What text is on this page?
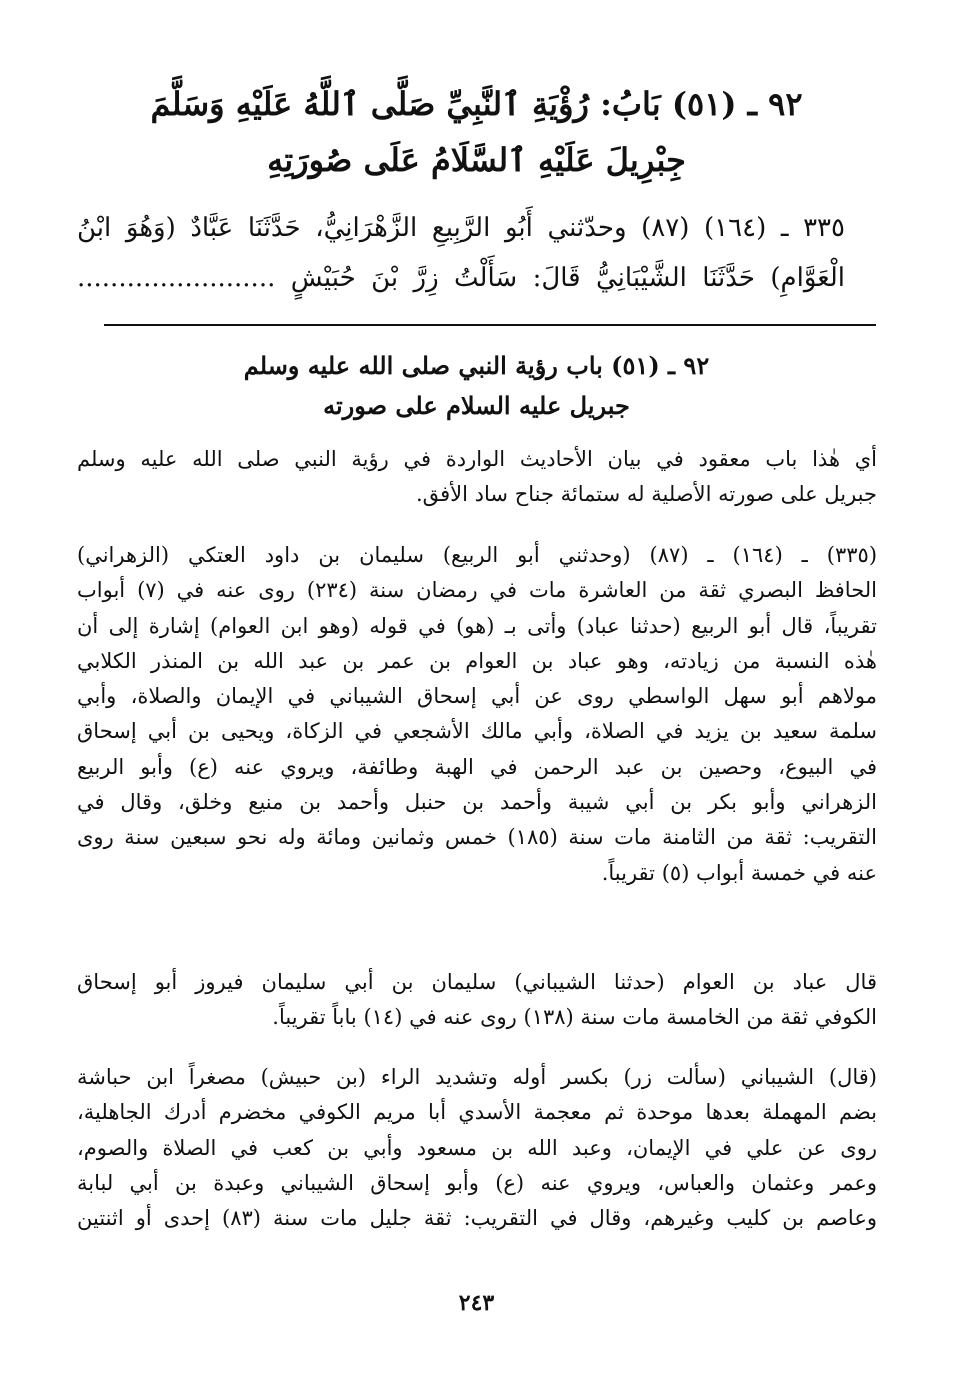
٩٢ ـ (٥١) بَابُ: رُؤْيَةِ ٱلنَّبِيِّ صَلَّى ٱللَّهُ عَلَيْهِ وَسَلَّمَ
جِبْرِيلَ عَلَيْهِ ٱلسَّلَامُ عَلَى صُورَتِهِ
٣٣٥ ـ (١٦٤) (٨٧) وحدّثني أَبُو الرَّبِيعِ الزَّهْرَانِيُّ، حَدَّثَنَا عَبَّادٌ (وَهُوَ ابْنُ
الْعَوَّامِ) حَدَّثَنَا الشَّيْبَانِيُّ قَالَ: سَأَلْتُ زِرَّ بْنَ حُبَيْشٍ ........................
٩٢ ـ (٥١) باب رؤية النبي صلى الله عليه وسلم
جبريل عليه السلام على صورته
أي هٰذا باب معقود في بيان الأحاديث الواردة في رؤية النبي صلى الله عليه وسلم
جبريل على صورته الأصلية له ستمائة جناح ساد الأفق.
(٣٣٥) ـ (١٦٤) ـ (٨٧) (وحدثني أبو الربيع) سليمان بن داود العتكي (الزهراني)
الحافظ البصري ثقة من العاشرة مات في رمضان سنة (٢٣٤) روى عنه في (٧) أبواب
تقريباً، قال أبو الربيع (حدثنا عباد) وأتى بـ (هو) في قوله (وهو ابن العوام) إشارة إلى أن
هٰذه النسبة من زيادته، وهو عباد بن العوام بن عمر بن عبد الله بن المنذر الكلابي
مولاهم أبو سهل الواسطي روى عن أبي إسحاق الشيباني في الإيمان والصلاة، وأبي
سلمة سعيد بن يزيد في الصلاة، وأبي مالك الأشجعي في الزكاة، ويحيى بن أبي إسحاق
في البيوع، وحصين بن عبد الرحمن في الهبة وطائفة، ويروي عنه (ع) وأبو الربيع
الزهراني وأبو بكر بن أبي شيبة وأحمد بن حنبل وأحمد بن منيع وخلق، وقال في
التقريب: ثقة من الثامنة مات سنة (١٨٥) خمس وثمانين ومائة وله نحو سبعين سنة روى
عنه في خمسة أبواب (٥) تقريباً.
قال عباد بن العوام (حدثنا الشيباني) سليمان بن أبي سليمان فيروز أبو إسحاق
الكوفي ثقة من الخامسة مات سنة (١٣٨) روى عنه في (١٤) باباً تقريباً.
(قال) الشيباني (سألت زر) بكسر أوله وتشديد الراء (بن حبيش) مصغراً ابن حباشة
بضم المهملة بعدها موحدة ثم معجمة الأسدي أبا مريم الكوفي مخضرم أدرك الجاهلية،
روى عن علي في الإيمان، وعبد الله بن مسعود وأبي بن كعب في الصلاة والصوم،
وعمر وعثمان والعباس، ويروي عنه (ع) وأبو إسحاق الشيباني وعبدة بن أبي لبابة
وعاصم بن كليب وغيرهم، وقال في التقريب: ثقة جليل مات سنة (٨٣) إحدى أو اثنتين
٢٤٣
